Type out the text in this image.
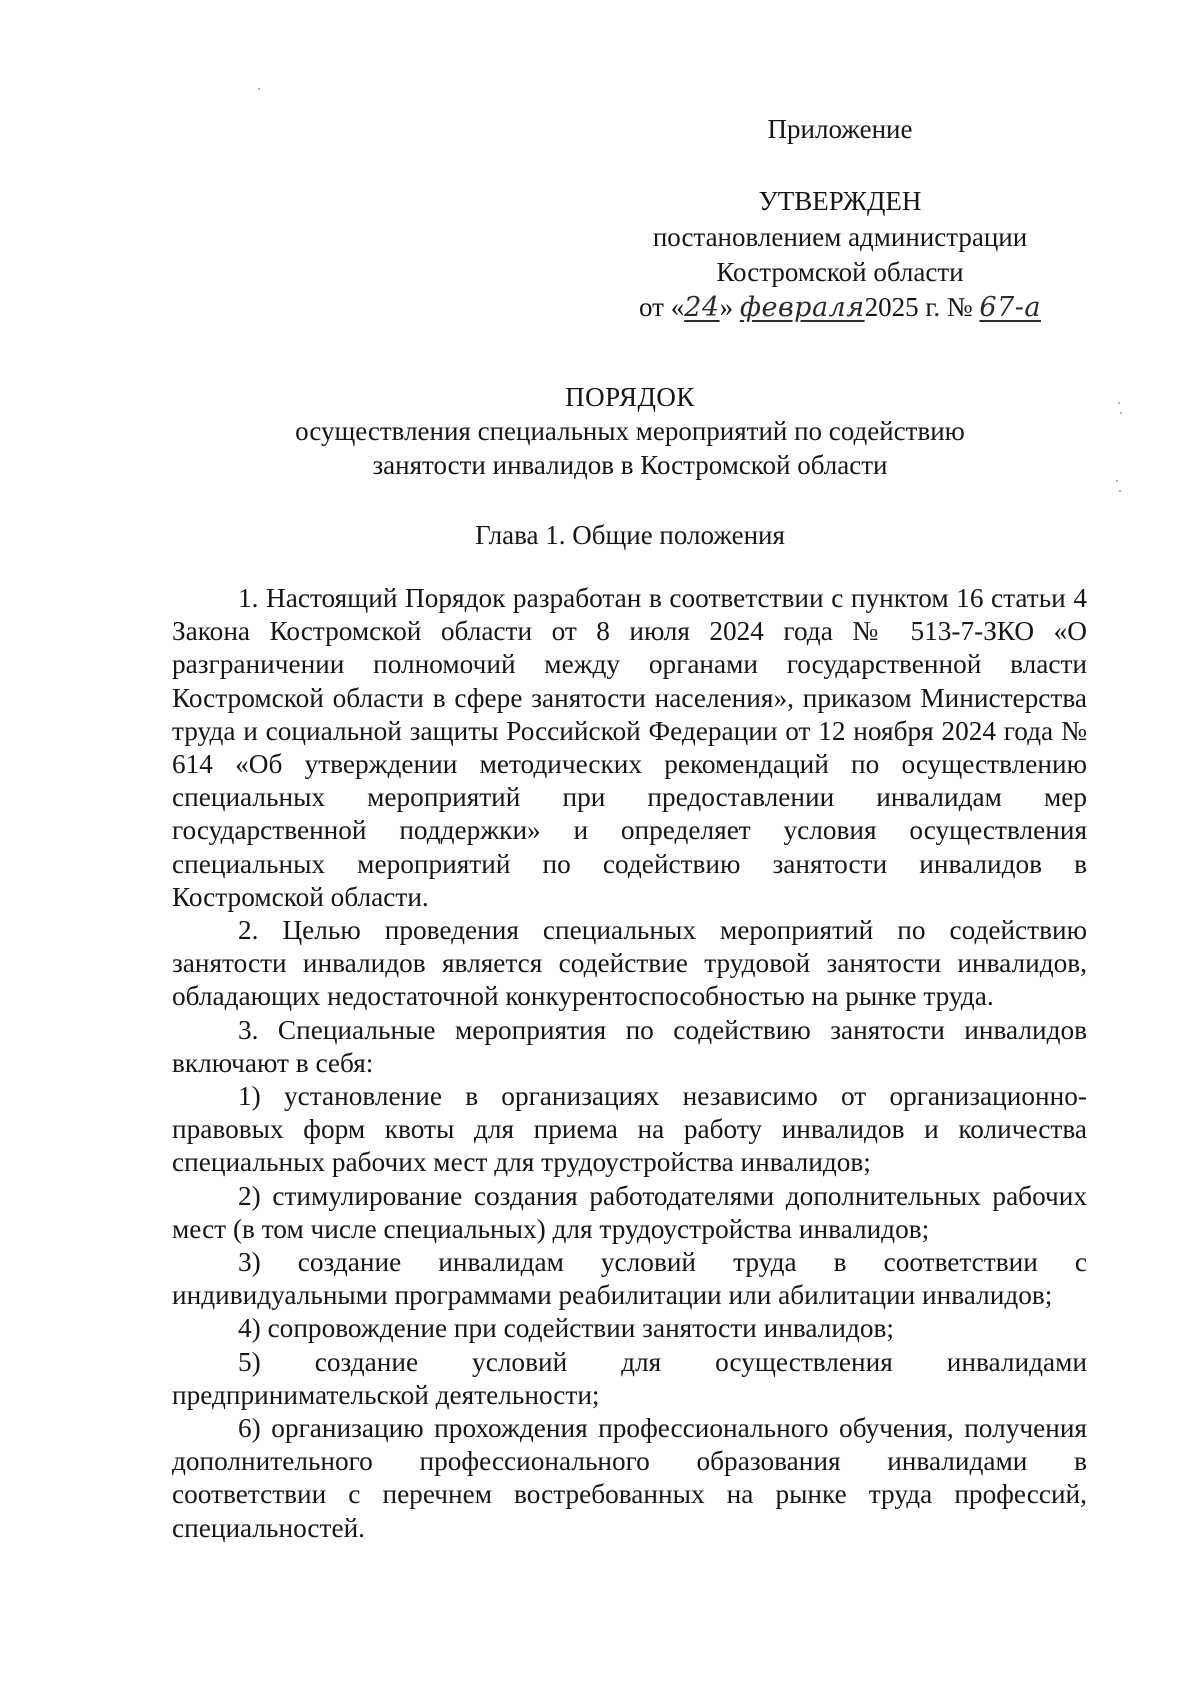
Приложение
УТВЕРЖДЕН
постановлением администрации
Костромской области
от «24» февраля2025 г. № 67-а
ПОРЯДОК
осуществления специальных мероприятий по содействию
занятости инвалидов в Костромской области
Глава 1. Общие положения

1. Настоящий Порядок разработан в соответствии с пунктом 16 статьи 4 Закона Костромской области от 8 июля 2024 года № 513-7-ЗКО «О разграничении полномочий между органами государственной власти Костромской области в сфере занятости населения», приказом Министерства труда и социальной защиты Российской Федерации от 12 ноября 2024 года № 614 «Об утверждении методических рекомендаций по осуществлению специальных мероприятий при предоставлении инвалидам мер государственной поддержки» и определяет условия осуществления специальных мероприятий по содействию занятости инвалидов в Костромской области.

2. Целью проведения специальных мероприятий по содействию занятости инвалидов является содействие трудовой занятости инвалидов, обладающих недостаточной конкурентоспособностью на рынке труда.

3. Специальные мероприятия по содействию занятости инвалидов включают в себя:

1) установление в организациях независимо от организационно-правовых форм квоты для приема на работу инвалидов и количества специальных рабочих мест для трудоустройства инвалидов;

2) стимулирование создания работодателями дополнительных рабочих мест (в том числе специальных) для трудоустройства инвалидов;

3) создание инвалидам условий труда в соответствии с индивидуальными программами реабилитации или абилитации инвалидов;

4) сопровождение при содействии занятости инвалидов;

5) создание условий для осуществления инвалидами предпринимательской деятельности;

6) организацию прохождения профессионального обучения, получения дополнительного профессионального образования инвалидами в соответствии с перечнем востребованных на рынке труда профессий, специальностей.
